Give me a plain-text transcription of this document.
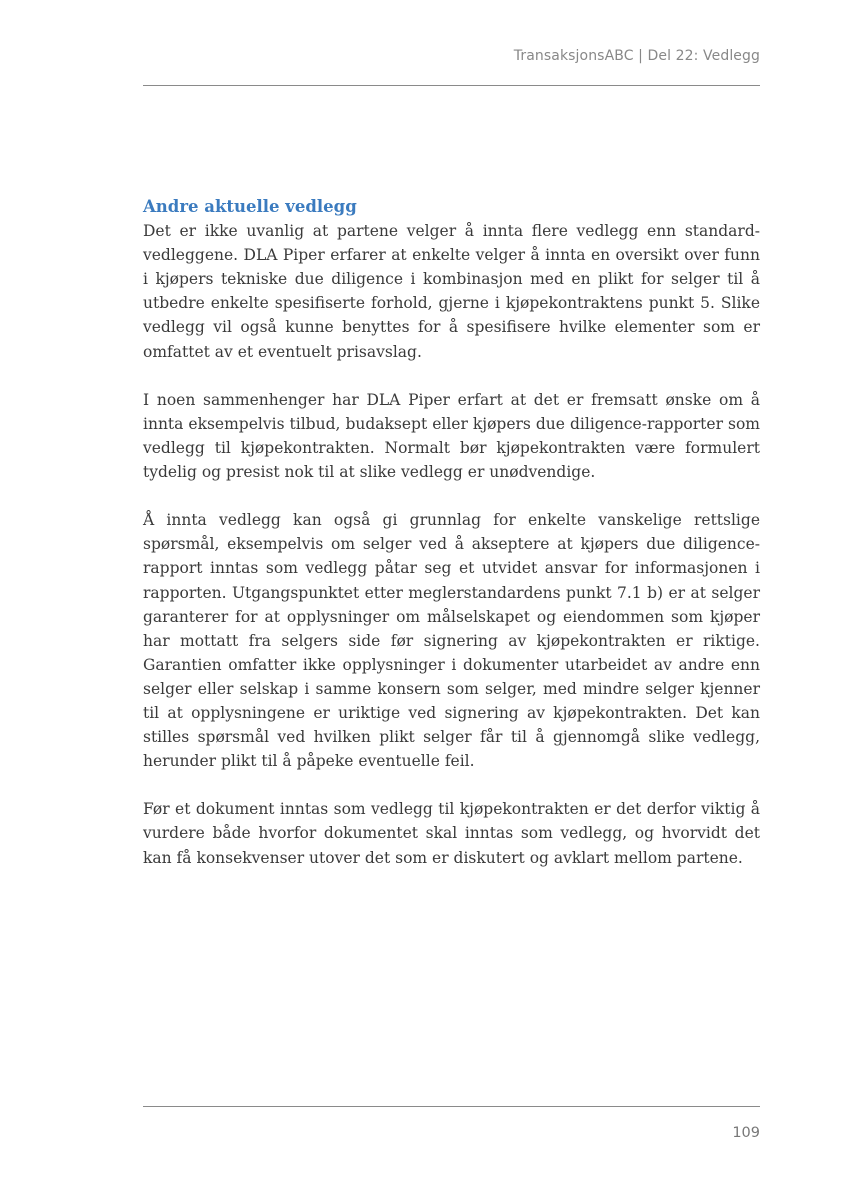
TransaksjonsABC | Del 22: Vedlegg
Andre aktuelle vedlegg

Det er ikke uvanlig at partene velger å innta flere vedlegg enn standardvedleggene. DLA Piper erfarer at enkelte velger å innta en oversikt over funn i kjøpers tekniske due diligence i kombinasjon med en plikt for selger til å utbedre enkelte spesifiserte forhold, gjerne i kjøpekontraktens punkt 5. Slike vedlegg vil også kunne benyttes for å spesifisere hvilke elementer som er omfattet av et eventuelt prisavslag.

I noen sammenhenger har DLA Piper erfart at det er fremsatt ønske om å innta eksempelvis tilbud, budaksept eller kjøpers due diligence-rapporter som vedlegg til kjøpekontrakten. Normalt bør kjøpekontrakten være formulert tydelig og presist nok til at slike vedlegg er unødvendige.

Å innta vedlegg kan også gi grunnlag for enkelte vanskelige rettslige spørsmål, eksempelvis om selger ved å akseptere at kjøpers due diligence-rapport inntas som vedlegg påtar seg et utvidet ansvar for informasjonen i rapporten. Utgangspunktet etter meglerstandardens punkt 7.1 b) er at selger garanterer for at opplysninger om målselskapet og eiendommen som kjøper har mottatt fra selgers side før signering av kjøpekontrakten er riktige. Garantien omfatter ikke opplysninger i dokumenter utarbeidet av andre enn selger eller selskap i samme konsern som selger, med mindre selger kjenner til at opplysningene er uriktige ved signering av kjøpekontrakten. Det kan stilles spørsmål ved hvilken plikt selger får til å gjennomgå slike vedlegg, herunder plikt til å påpeke eventuelle feil.

Før et dokument inntas som vedlegg til kjøpekontrakten er det derfor viktig å vurdere både hvorfor dokumentet skal inntas som vedlegg, og hvorvidt det kan få konsekvenser utover det som er diskutert og avklart mellom partene.

109
